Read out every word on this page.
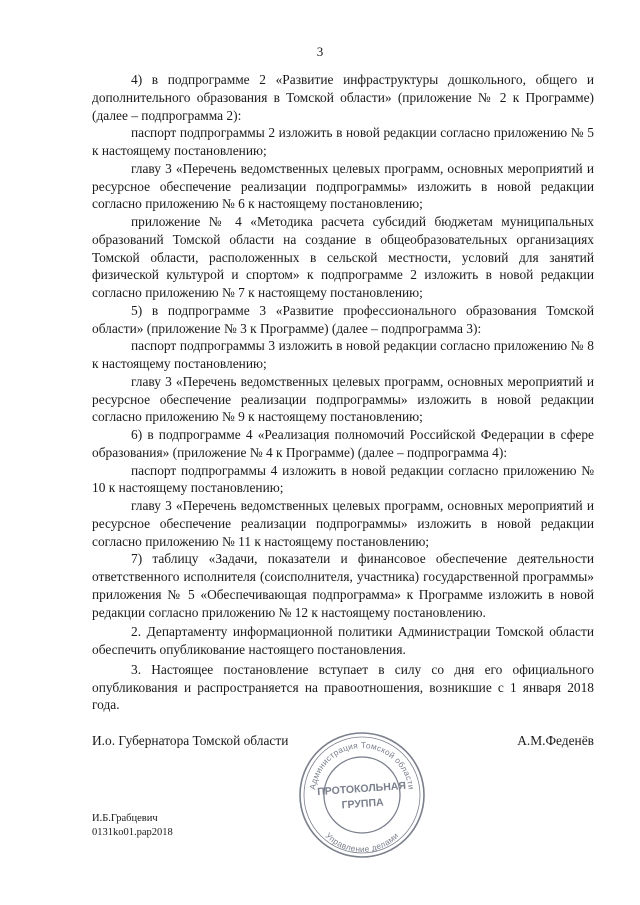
3

4) в подпрограмме 2 «Развитие инфраструктуры дошкольного, общего и дополнительного образования в Томской области» (приложение № 2 к Программе) (далее – подпрограмма 2):

паспорт подпрограммы 2 изложить в новой редакции согласно приложению № 5 к настоящему постановлению;

главу 3 «Перечень ведомственных целевых программ, основных мероприятий и ресурсное обеспечение реализации подпрограммы» изложить в новой редакции согласно приложению № 6 к настоящему постановлению;

приложение № 4 «Методика расчета субсидий бюджетам муниципальных образований Томской области на создание в общеобразовательных организациях Томской области, расположенных в сельской местности, условий для занятий физической культурой и спортом» к подпрограмме 2 изложить в новой редакции согласно приложению № 7 к настоящему постановлению;

5) в подпрограмме 3 «Развитие профессионального образования Томской области» (приложение № 3 к Программе) (далее – подпрограмма 3):

паспорт подпрограммы 3 изложить в новой редакции согласно приложению № 8 к настоящему постановлению;

главу 3 «Перечень ведомственных целевых программ, основных мероприятий и ресурсное обеспечение реализации подпрограммы» изложить в новой редакции согласно приложению № 9 к настоящему постановлению;

6) в подпрограмме 4 «Реализация полномочий Российской Федерации в сфере образования» (приложение № 4 к Программе) (далее – подпрограмма 4):

паспорт подпрограммы 4 изложить в новой редакции согласно приложению № 10 к настоящему постановлению;

главу 3 «Перечень ведомственных целевых программ, основных мероприятий и ресурсное обеспечение реализации подпрограммы» изложить в новой редакции согласно приложению № 11 к настоящему постановлению;

7) таблицу «Задачи, показатели и финансовое обеспечение деятельности ответственного исполнителя (соисполнителя, участника) государственной программы» приложения № 5 «Обеспечивающая подпрограмма» к Программе изложить в новой редакции согласно приложению № 12 к настоящему постановлению.

2. Департаменту информационной политики Администрации Томской области обеспечить опубликование настоящего постановления.

3. Настоящее постановление вступает в силу со дня его официального опубликования и распространяется на правоотношения, возникшие с 1 января 2018 года.

И.о. Губернатора Томской области	А.М.Феденёв
Администрация Томской области
Управление делами
ПРОТОКОЛЬНАЯ
ГРУППА
И.Б.Грабцевич
0131ko01.pap2018
